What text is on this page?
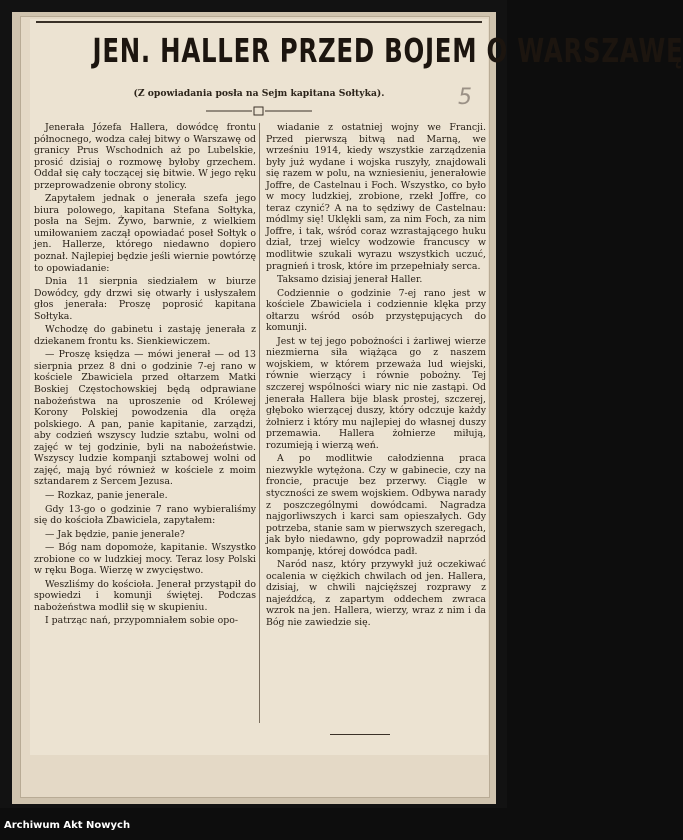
JEN. HALLER PRZED BOJEM O WARSZAWĘ
(Z opowiadania posła na Sejm kapitana Sołtyka).	5

Jenerała Józefa Hallera, dowódcę frontu północnego, wodza całej bitwy o Warszawę od granicy Prus Wschodnich aż po Lubelskie, prosić dzisiaj o rozmowę byłoby grzechem. Oddał się cały toczącej się bitwie. W jego ręku przeprowadzenie obrony stolicy.

Zapytałem jednak o jenerała szefa jego biura polowego, kapitana Stefana Sołtyka, posła na Sejm. Żywo, barwnie, z wielkiem umiłowaniem zaczął opowiadać poseł Sołtyk o jen. Hallerze, którego niedawno dopiero poznał. Najlepiej będzie jeśli wiernie powtórzę to opowiadanie:

Dnia 11 sierpnia siedziałem w biurze Dowódcy, gdy drzwi się otwarły i usłyszałem głos jenerała: Proszę poprosić kapitana Sołtyka.

Wchodzę do gabinetu i zastaję jenerała z dziekanem frontu ks. Sienkiewiczem.

— Proszę księdza — mówi jenerał — od 13 sierpnia przez 8 dni o godzinie 7-ej rano w kościele Zbawiciela przed ołtarzem Matki Boskiej Częstochowskiej będą odprawiane nabożeństwa na uproszenie od Królewej Korony Polskiej powodzenia dla oręża polskiego. A pan, panie kapitanie, zarządzi, aby codzień wszyscy ludzie sztabu, wolni od zajęć w tej godzinie, byli na nabożeństwie. Wszyscy ludzie kompanji sztabowej wolni od zajęć, mają być również w kościele z moim sztandarem z Sercem Jezusa.

— Rozkaz, panie jenerale.

Gdy 13-go o godzinie 7 rano wybieraliśmy się do kościoła Zbawiciela, zapytałem:

— Jak będzie, panie jenerale?

— Bóg nam dopomoże, kapitanie. Wszystko zrobione co w ludzkiej mocy. Teraz losy Polski w ręku Boga. Wierzę w zwycięstwo.

Weszliśmy do kościoła. Jenerał przystąpił do spowiedzi i komunji świętej. Podczas nabożeństwa modlił się w skupieniu.

I patrząc nań, przypomniałem sobie opo-

wiadanie z ostatniej wojny we Francji. Przed pierwszą bitwą nad Marną, we wrześniu 1914, kiedy wszystkie zarządzenia były już wydane i wojska ruszyły, znajdowali się razem w polu, na wzniesieniu, jenerałowie Joffre, de Castelnau i Foch. Wszystko, co było w mocy ludzkiej, zrobione, rzekł Joffre, co teraz czynić? A na to sędziwy de Castelnau: módlmy się! Uklękli sam, za nim Foch, za nim Joffre, i tak, wśród coraz wzrastającego huku dział, trzej wielcy wodzowie francuscy w modlitwie szukali wyrazu wszystkich uczuć, pragnień i trosk, które im przepełniały serca.

Taksamo dzisiaj jenerał Haller.

Codziennie o godzinie 7-ej rano jest w kościele Zbawiciela i codziennie klęka przy ołtarzu wśród osób przystępujących do komunji.

Jest w tej jego pobożności i żarliwej wierze niezmierna siła wiążąca go z naszem wojskiem, w którem przeważa lud wiejski, równie wierzący i równie pobożny. Tej szczerej wspólności wiary nic nie zastąpi. Od jenerała Hallera bije blask prostej, szczerej, głęboko wierzącej duszy, który odczuje każdy żołnierz i który mu najlepiej do własnej duszy przemawia. Hallera żołnierze miłują, rozumieją i wierzą weń.

A po modlitwie całodzienna praca niezwykle wytężona. Czy w gabinecie, czy na froncie, pracuje bez przerwy. Ciągle w styczności ze swem wojskiem. Odbywa narady z poszczególnymi dowódcami. Nagradza najgorliwszych i karci sam opieszałych. Gdy potrzeba, stanie sam w pierwszych szeregach, jak było niedawno, gdy poprowadził naprzód kompanję, której dowódca padł.

Naród nasz, który przywykł już oczekiwać ocalenia w ciężkich chwilach od jen. Hallera, dzisiaj, w chwili najcięższej rozprawy z najeźdźcą, z zapartym oddechem zwraca wzrok na jen. Hallera, wierzy, wraz z nim i da Bóg nie zawiedzie się.

Archiwum Akt Nowych
